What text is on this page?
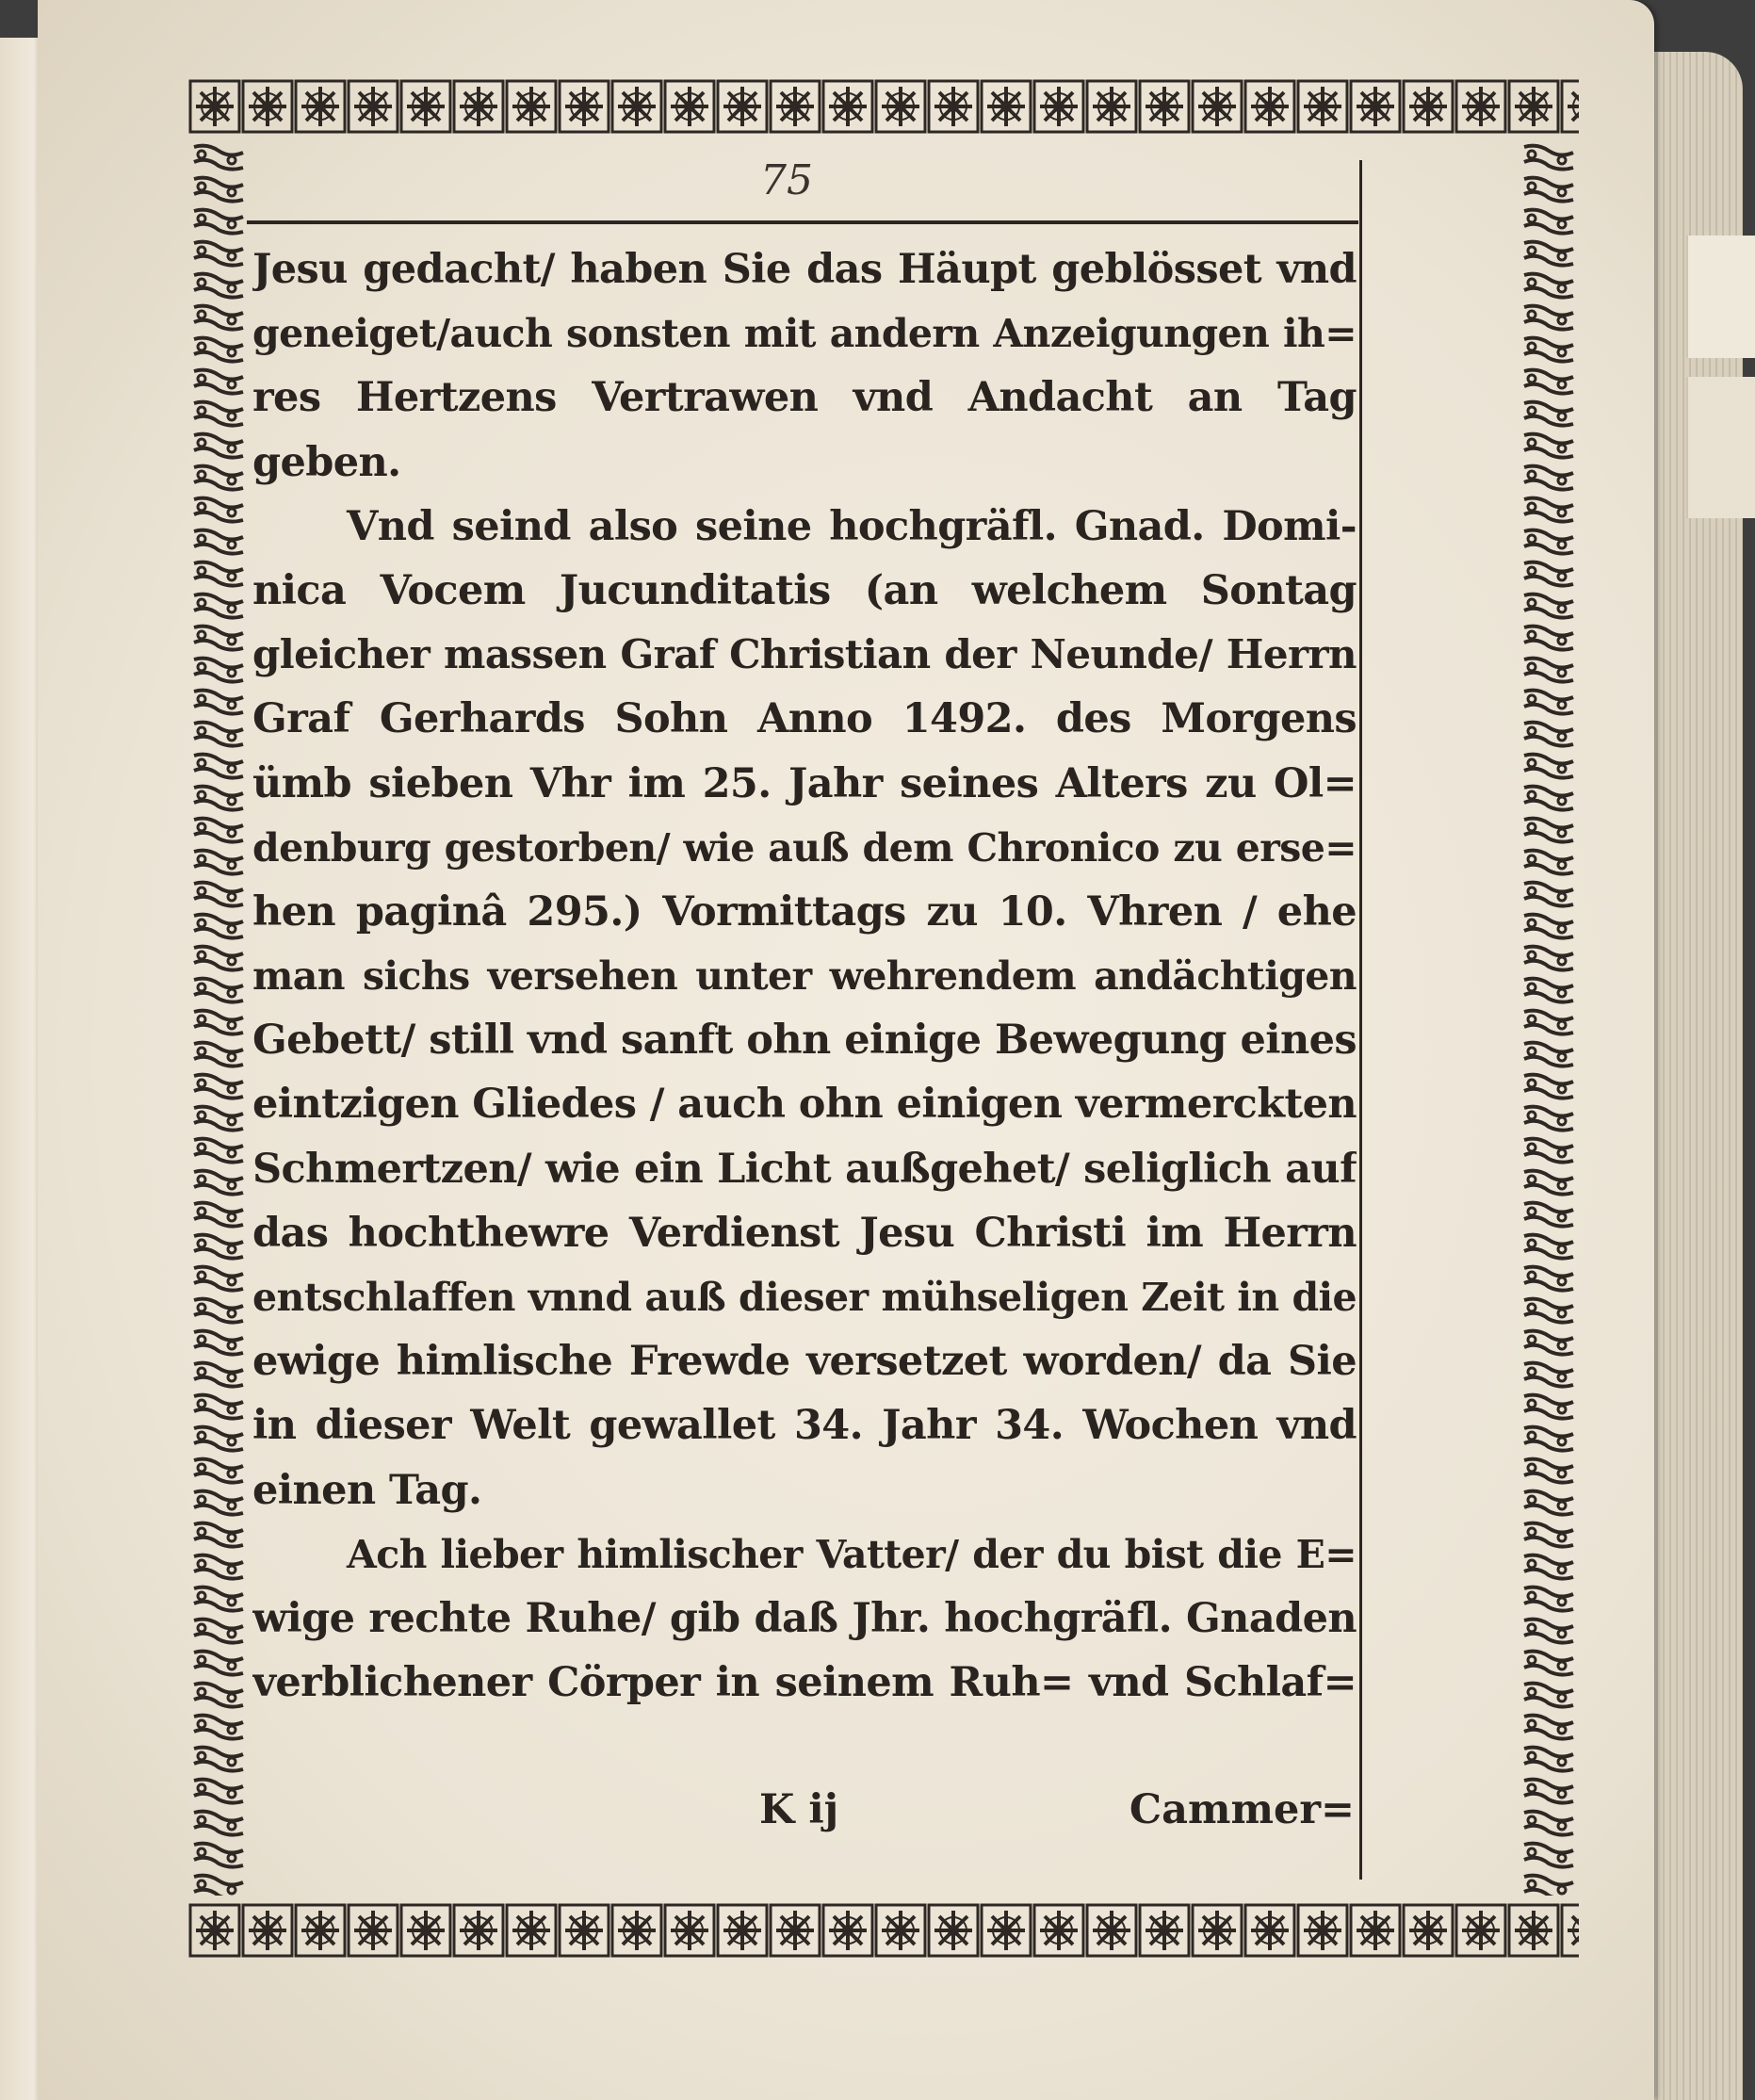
75
Jesu gedacht/ haben Sie das Häupt geblösset vnd
geneiget/auch sonsten mit andern Anzeigungen ih=
res Hertzens Vertrawen vnd Andacht an Tag
geben.
Vnd seind also seine hochgräfl. Gnad. Domi-
nica Vocem Jucunditatis (an welchem Sontag
gleicher massen Graf Christian der Neunde/ Herrn
Graf Gerhards Sohn Anno 1492. des Morgens
ümb sieben Vhr im 25. Jahr seines Alters zu Ol=
denburg gestorben/ wie auß dem Chronico zu erse=
hen paginâ 295.) Vormittags zu 10. Vhren / ehe
man sichs versehen unter wehrendem andächtigen
Gebett/ still vnd sanft ohn einige Bewegung eines
eintzigen Gliedes / auch ohn einigen vermerckten
Schmertzen/ wie ein Licht außgehet/ seliglich auf
das hochthewre Verdienst Jesu Christi im Herrn
entschlaffen vnnd auß dieser mühseligen Zeit in die
ewige himlische Frewde versetzet worden/ da Sie
in dieser Welt gewallet 34. Jahr 34. Wochen vnd
einen Tag.
Ach lieber himlischer Vatter/ der du bist die E=
wige rechte Ruhe/ gib daß Jhr. hochgräfl. Gnaden
verblichener Cörper in seinem Ruh= vnd Schlaf=
K ij	Cammer=
